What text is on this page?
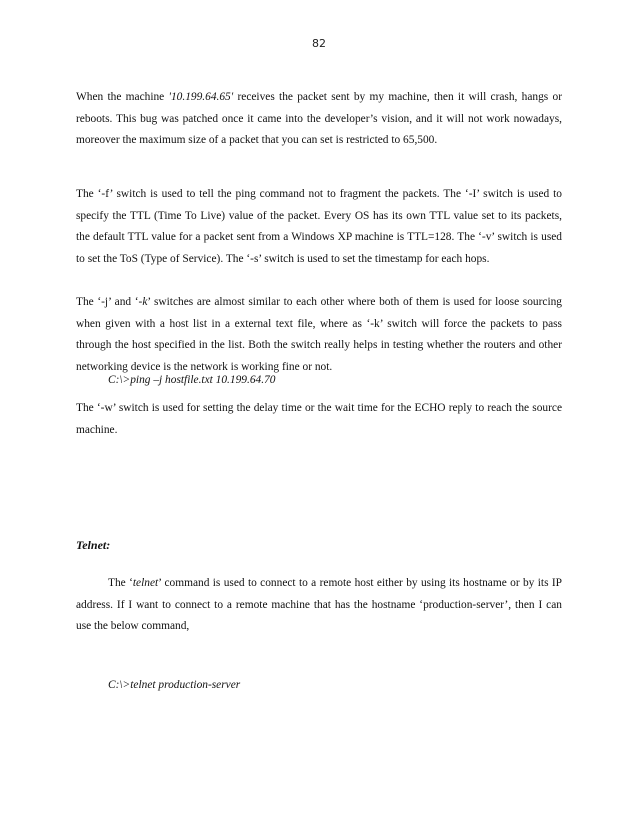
82

When the machine '10.199.64.65' receives the packet sent by my machine, then it will crash, hangs or reboots. This bug was patched once it came into the developer’s vision, and it will not work nowadays, moreover the maximum size of a packet that you can set is restricted to 65,500.

The ‘-f’ switch is used to tell the ping command not to fragment the packets. The ‘-I’ switch is used to specify the TTL (Time To Live) value of the packet. Every OS has its own TTL value set to its packets, the default TTL value for a packet sent from a Windows XP machine is TTL=128. The ‘-v’ switch is used to set the ToS (Type of Service). The ‘-s’ switch is used to set the timestamp for each hops.

The ‘-j’ and ‘-k’ switches are almost similar to each other where both of them is used for loose sourcing when given with a host list in a external text file, where as ‘-k’ switch will force the packets to pass through the host specified in the list. Both the switch really helps in testing whether the routers and other networking device is the network is working fine or not.

C:\>ping –j hostfile.txt 10.199.64.70

The ‘-w’ switch is used for setting the delay time or the wait time for the ECHO reply to reach the source machine.

Telnet:

The ‘telnet’ command is used to connect to a remote host either by using its hostname or by its IP address. If I want to connect to a remote machine that has the hostname ‘production-server’, then I can use the below command,

C:\>telnet production-server
